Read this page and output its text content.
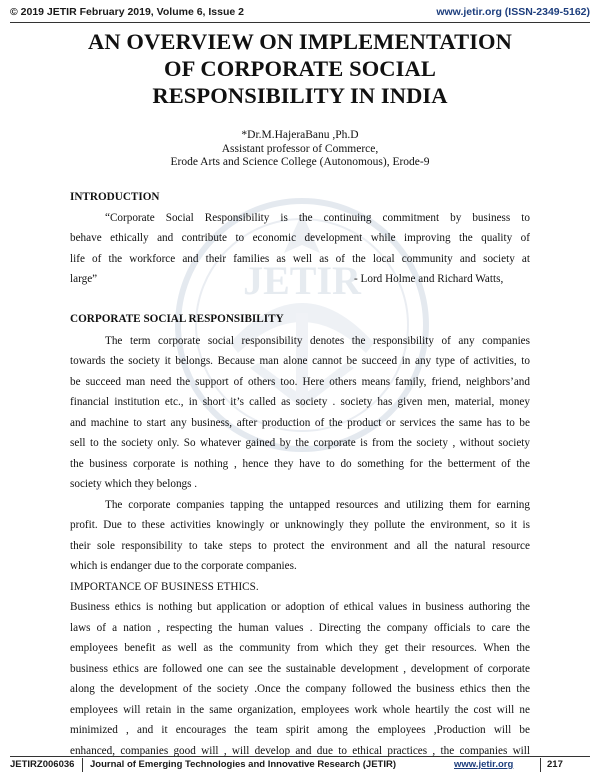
© 2019 JETIR February 2019, Volume 6, Issue 2	www.jetir.org (ISSN-2349-5162)
JETIR
AN OVERVIEW ON IMPLEMENTATION
OF CORPORATE SOCIAL
RESPONSIBILITY IN INDIA
*Dr.M.HajeraBanu ,Ph.D
Assistant professor of Commerce,
Erode Arts and Science College (Autonomous), Erode-9
INTRODUCTION
“Corporate Social Responsibility is the continuing commitment by business to
behave ethically and contribute to economic development while improving the quality of
life of the workforce and their families as well as of the local community and society at
large”	- Lord Holme and Richard Watts,
CORPORATE SOCIAL RESPONSIBILITY
The term corporate social responsibility denotes the responsibility of any companies
towards the society it belongs. Because man alone cannot be succeed in any type of activities, to
be succeed man need the support of others too. Here others means family, friend, neighbors’and
financial institution etc., in short it’s called as society . society has given men, material, money
and machine to start any business, after production of the product or services the same has to be
sell to the society only. So whatever gained by the corporate is from the society , without society
the business corporate is nothing , hence they have to do something for the betterment of the
society which they belongs .
The corporate companies tapping the untapped resources and utilizing them for earning
profit. Due to these activities knowingly or unknowingly they pollute the environment, so it is
their sole responsibility to take steps to protect the environment and all the natural resource
which is endanger due to the corporate companies.
IMPORTANCE OF BUSINESS ETHICS.
Business ethics is nothing but application or adoption of ethical values in business authoring the
laws of a nation , respecting the human values . Directing the company officials to care the
employees benefit as well as the community from which they get their resources. When the
business ethics are followed one can see the sustainable development , development of corporate
along the development of the society .Once the company followed the business ethics then the
employees will retain in the same organization, employees work whole heartily the cost will ne
minimized , and it encourages the team spirit among the employees ,Production will be
enhanced, companies good will , will develop and due to ethical practices , the companies will
JETIRZ006036 Journal of Emerging Technologies and Innovative Research (JETIR)	www.jetir.org	217
